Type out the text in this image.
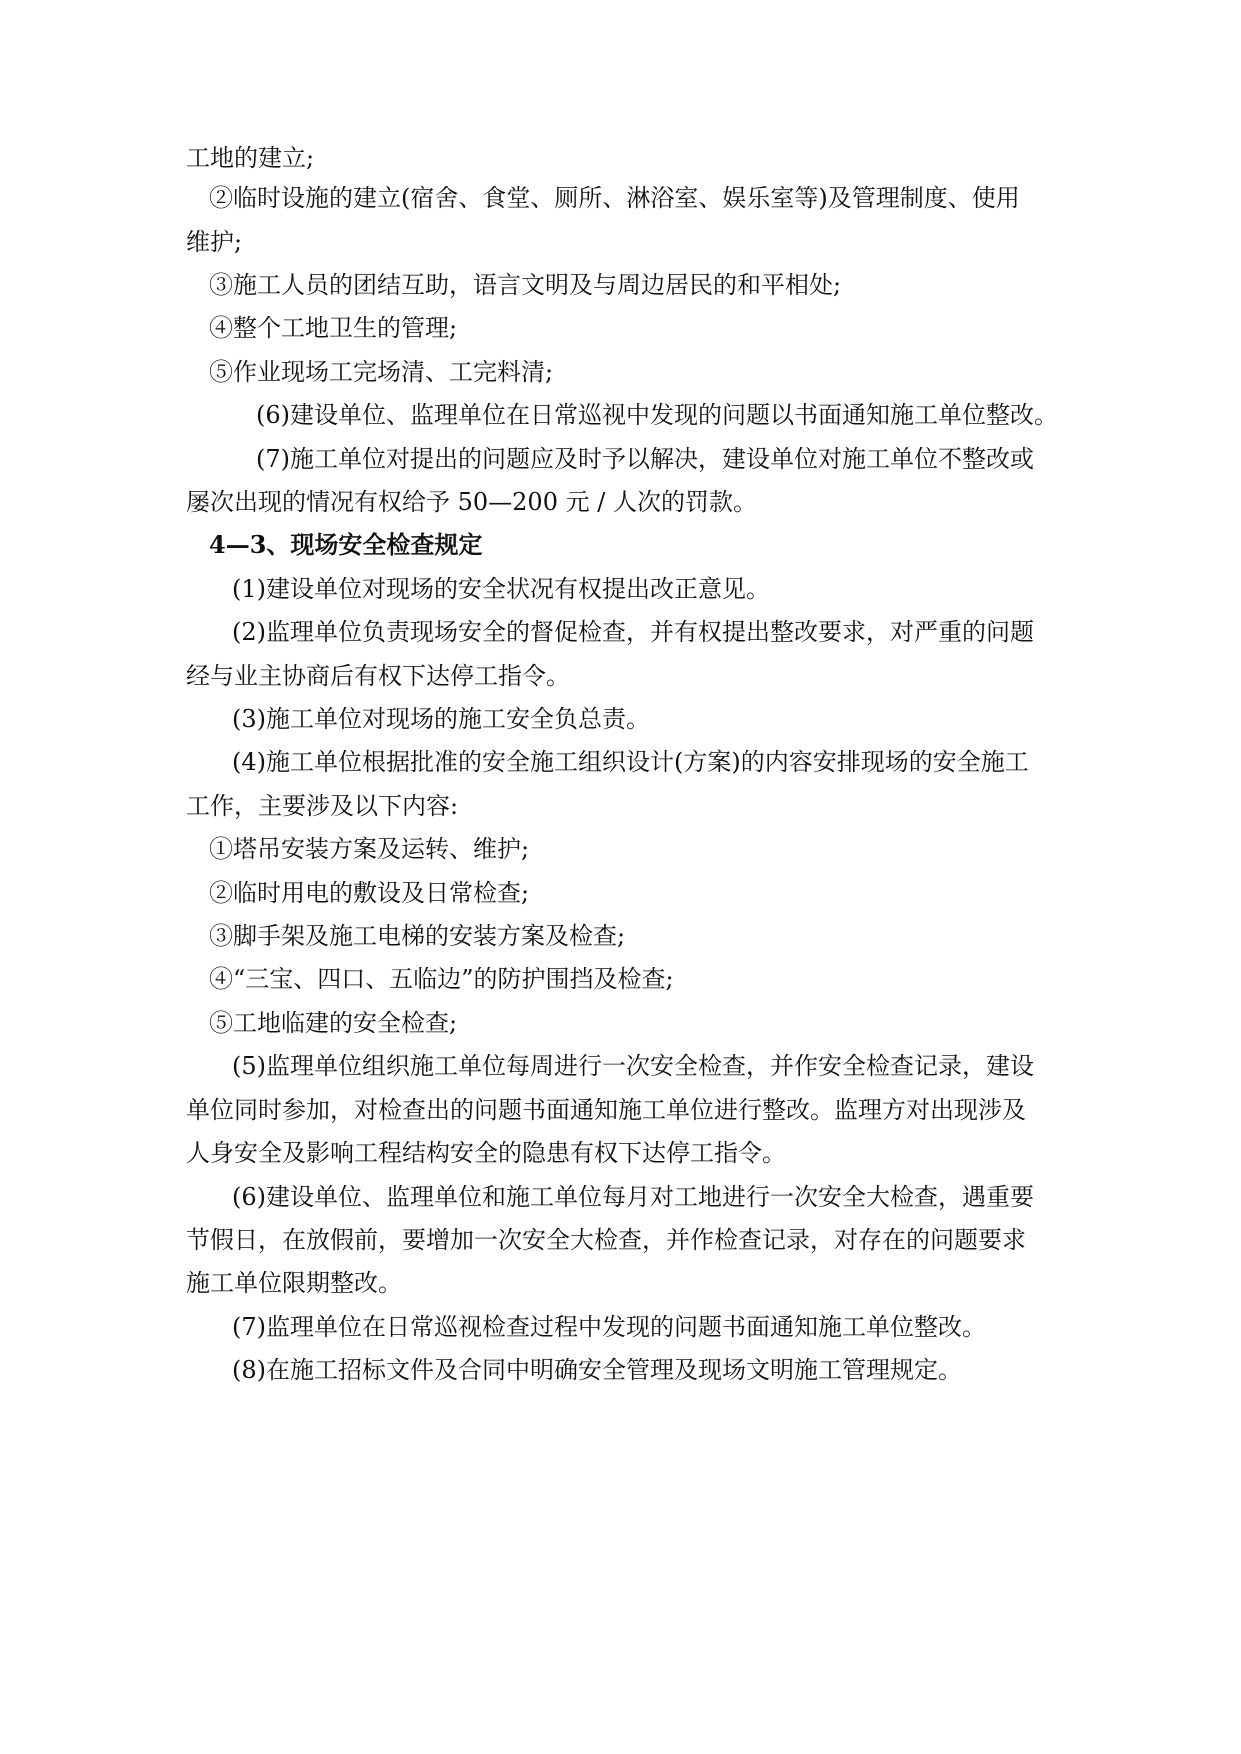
工地的建立;
②临时设施的建立(宿舍、食堂、厕所、淋浴室、娱乐室等)及管理制度、使用
维护;
③施工人员的团结互助，语言文明及与周边居民的和平相处;
④整个工地卫生的管理;
⑤作业现场工完场清、工完料清;
(6)建设单位、监理单位在日常巡视中发现的问题以书面通知施工单位整改。
(7)施工单位对提出的问题应及时予以解决，建设单位对施工单位不整改或
屡次出现的情况有权给予 50—200 元 / 人次的罚款。
4—3、现场安全检查规定
(1)建设单位对现场的安全状况有权提出改正意见。
(2)监理单位负责现场安全的督促检查，并有权提出整改要求，对严重的问题
经与业主协商后有权下达停工指令。
(3)施工单位对现场的施工安全负总责。
(4)施工单位根据批准的安全施工组织设计(方案)的内容安排现场的安全施工
工作，主要涉及以下内容:
①塔吊安装方案及运转、维护;
②临时用电的敷设及日常检查;
③脚手架及施工电梯的安装方案及检查;
④“三宝、四口、五临边”的防护围挡及检查;
⑤工地临建的安全检查;
(5)监理单位组织施工单位每周进行一次安全检查，并作安全检查记录，建设
单位同时参加，对检查出的问题书面通知施工单位进行整改。监理方对出现涉及
人身安全及影响工程结构安全的隐患有权下达停工指令。
(6)建设单位、监理单位和施工单位每月对工地进行一次安全大检查，遇重要
节假日，在放假前，要增加一次安全大检查，并作检查记录，对存在的问题要求
施工单位限期整改。
(7)监理单位在日常巡视检查过程中发现的问题书面通知施工单位整改。
(8)在施工招标文件及合同中明确安全管理及现场文明施工管理规定。
